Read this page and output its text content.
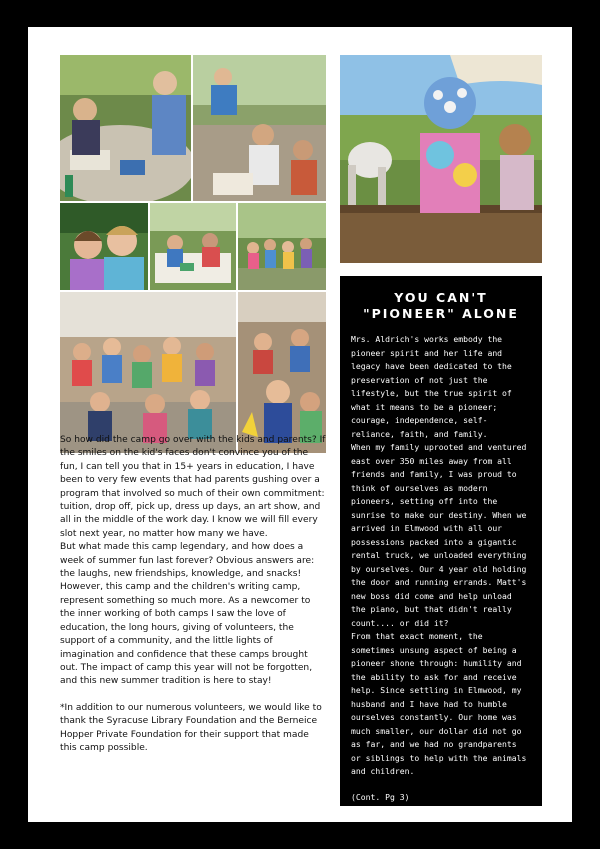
YOU CAN'T
"PIONEER" ALONE

Mrs. Aldrich's works embody the pioneer spirit and her life and legacy have been dedicated to the preservation of not just the lifestyle, but the true spirit of what it means to be a pioneer; courage, independence, self-reliance, faith, and family.

When my family uprooted and ventured east over 350 miles away from all friends and family, I was proud to think of ourselves as modern pioneers, setting off into the sunrise to make our destiny. When we arrived in Elmwood with all our possessions packed into a gigantic rental truck, we unloaded everything by ourselves. Our 4 year old holding the door and running errands. Matt's new boss did come and help unload the piano, but that didn't really count.... or did it?

From that exact moment, the sometimes unsung aspect of being a pioneer shone through: humility and the ability to ask for and receive help. Since settling in Elmwood, my husband and I have had to humble ourselves constantly. Our home was much smaller, our dollar did not go as far, and we had no grandparents or siblings to help with the animals and children.

(Cont. Pg 3)

So how did the camp go over with the kids and parents? If the smiles on the kid's faces don't convince you of the fun, I can tell you that in 15+ years in education, I have been to very few events that had parents gushing over a program that involved so much of their own commitment: tuition, drop off, pick up, dress up days, an art show, and all in the middle of the work day. I know we will fill every slot next year, no matter how many we have.

But what made this camp legendary, and how does a week of summer fun last forever? Obvious answers are: the laughs, new friendships, knowledge, and snacks! However, this camp and the children's writing camp, represent something so much more. As a newcomer to the inner working of both camps I saw the love of education, the long hours, giving of volunteers, the support of a community, and the little lights of imagination and confidence that these camps brought out. The impact of camp this year will not be forgotten, and this new summer tradition is here to stay!

*In addition to our numerous volunteers, we would like to thank the Syracuse Library Foundation and the Berneice Hopper Private Foundation for their support that made this camp possible.
